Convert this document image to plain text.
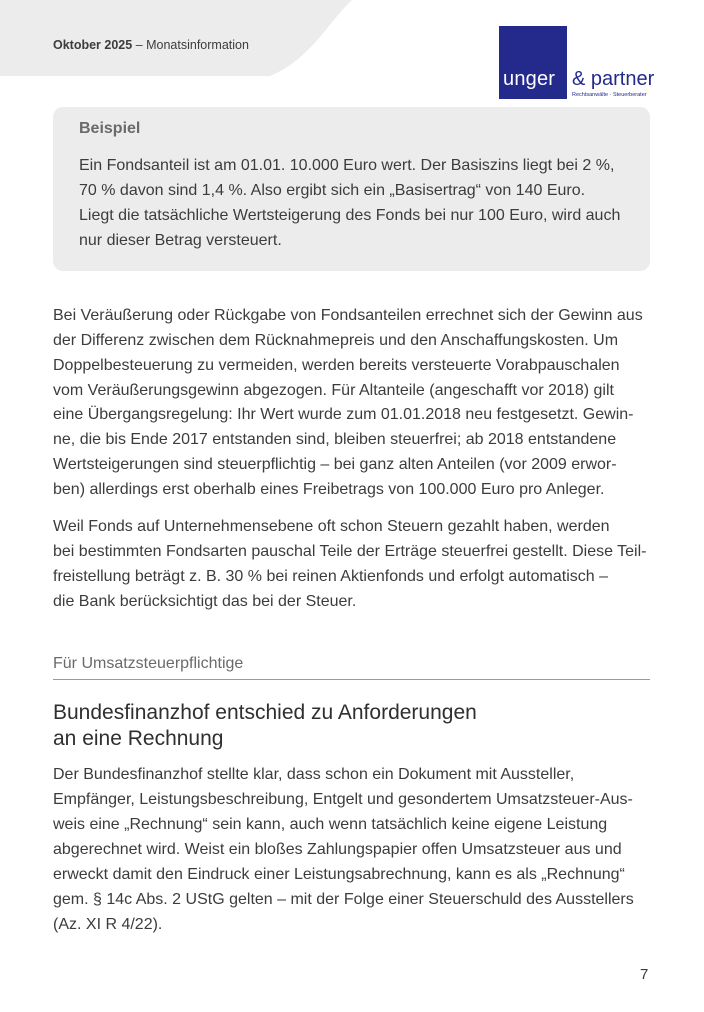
Oktober 2025 – Monatsinformation
unger & partner
Rechtsanwälte · Steuerberater
Beispiel
Ein Fondsanteil ist am 01.01. 10.000 Euro wert. Der Basiszins liegt bei 2 %,
70 % davon sind 1,4 %. Also ergibt sich ein „Basisertrag“ von 140 Euro.
Liegt die tatsächliche Wertsteigerung des Fonds bei nur 100 Euro, wird auch
nur dieser Betrag versteuert.
Bei Veräußerung oder Rückgabe von Fondsanteilen errechnet sich der Gewinn aus
der Differenz zwischen dem Rücknahmepreis und den Anschaffungskosten. Um
Doppelbesteuerung zu vermeiden, werden bereits versteuerte Vorabpauschalen
vom Veräußerungsgewinn abgezogen. Für Altanteile (angeschafft vor 2018) gilt
eine Übergangsregelung: Ihr Wert wurde zum 01.01.2018 neu festgesetzt. Gewin-
ne, die bis Ende 2017 entstanden sind, bleiben steuerfrei; ab 2018 entstandene
Wertsteigerungen sind steuerpflichtig – bei ganz alten Anteilen (vor 2009 erwor-
ben) allerdings erst oberhalb eines Freibetrags von 100.000 Euro pro Anleger.
Weil Fonds auf Unternehmensebene oft schon Steuern gezahlt haben, werden
bei bestimmten Fondsarten pauschal Teile der Erträge steuerfrei gestellt. Diese Teil-
freistellung beträgt z. B. 30 % bei reinen Aktienfonds und erfolgt automatisch –
die Bank berücksichtigt das bei der Steuer.
Für Umsatzsteuerpflichtige
Bundesfinanzhof entschied zu Anforderungen
an eine Rechnung
Der Bundesfinanzhof stellte klar, dass schon ein Dokument mit Aussteller,
Empfänger, Leistungsbeschreibung, Entgelt und gesondertem Umsatzsteuer-Aus-
weis eine „Rechnung“ sein kann, auch wenn tatsächlich keine eigene Leistung
abgerechnet wird. Weist ein bloßes Zahlungspapier offen Umsatzsteuer aus und
erweckt damit den Eindruck einer Leistungsabrechnung, kann es als „Rechnung“
gem. § 14c Abs. 2 UStG gelten – mit der Folge einer Steuerschuld des Ausstellers
(Az. XI R 4/22).
7
